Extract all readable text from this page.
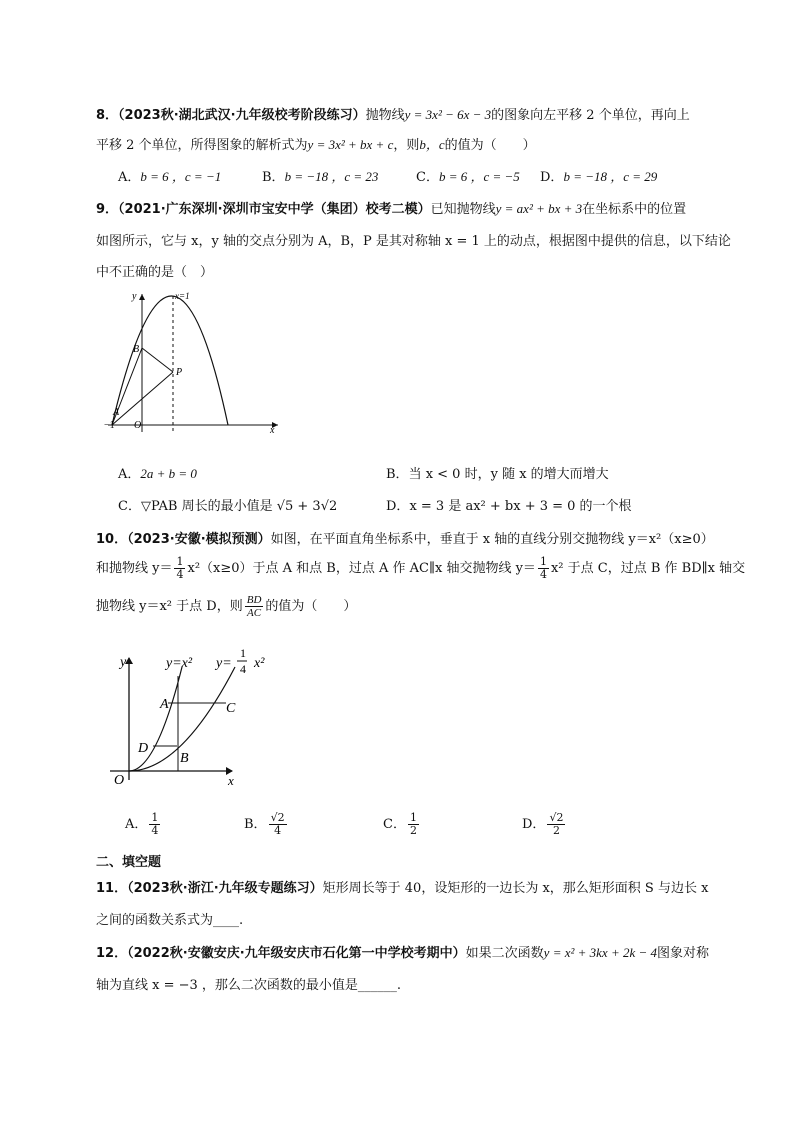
8．（2023秋·湖北武汉·九年级校考阶段练习）抛物线y = 3x² − 6x − 3的图象向左平移 2 个单位，再向上
平移 2 个单位，所得图象的解析式为y = 3x² + bx + c，则b，c的值为（　　）
A．b = 6 ，c = −1	B．b = −18 ，c = 23	C．b = 6 ，c = −5 D．b = −18 ，c = 29
9．（2021·广东深圳·深圳市宝安中学（集团）校考二模）已知抛物线y = ax² + bx + 3在坐标系中的位置
如图所示，它与 x，y 轴的交点分别为 A，B，P 是其对称轴 x = 1 上的动点，根据图中提供的信息，以下结论
中不正确的是（　）
y
x
x=1
B
P
A
O
−1
A．2a + b = 0	B．当 x < 0 时，y 随 x 的增大而增大
C．▽PAB 周长的最小值是 √5 + 3√2	D．x = 3 是 ax² + bx + 3 = 0 的一个根
10．（2023·安徽·模拟预测）如图，在平面直角坐标系中，垂直于 x 轴的直线分别交抛物线 y＝x²（x≥0）
和抛物线 $y= \frac{1}{4} x^2(x\ge 0)$于点 A 和点 B，过点 A 作 AC∥x 轴交抛物线 $y= \frac{1}{4} x^2$ 于点 C，过点 B 作 BD∥x 轴交
抛物线 y＝x² 于点 D，则 $\frac{BD}{AC}$ 的值为（　　）
y
x
O
y=x² y=
1
4 x²
A	C
D
B
A． $\frac{1}{4}$	B． $\frac{√2}{4}$	C． $\frac{1}{2}$	D． $\frac{√2}{2}$
二、填空题
11．（2023秋·浙江·九年级专题练习）矩形周长等于 40，设矩形的一边长为 x，那么矩形面积 S 与边长 x
之间的函数关系式为____.
12．（2022秋·安徽安庆·九年级安庆市石化第一中学校考期中）如果二次函数y = x² + 3kx + 2k − 4图象对称
轴为直线 x = −3 ，那么二次函数的最小值是______.
